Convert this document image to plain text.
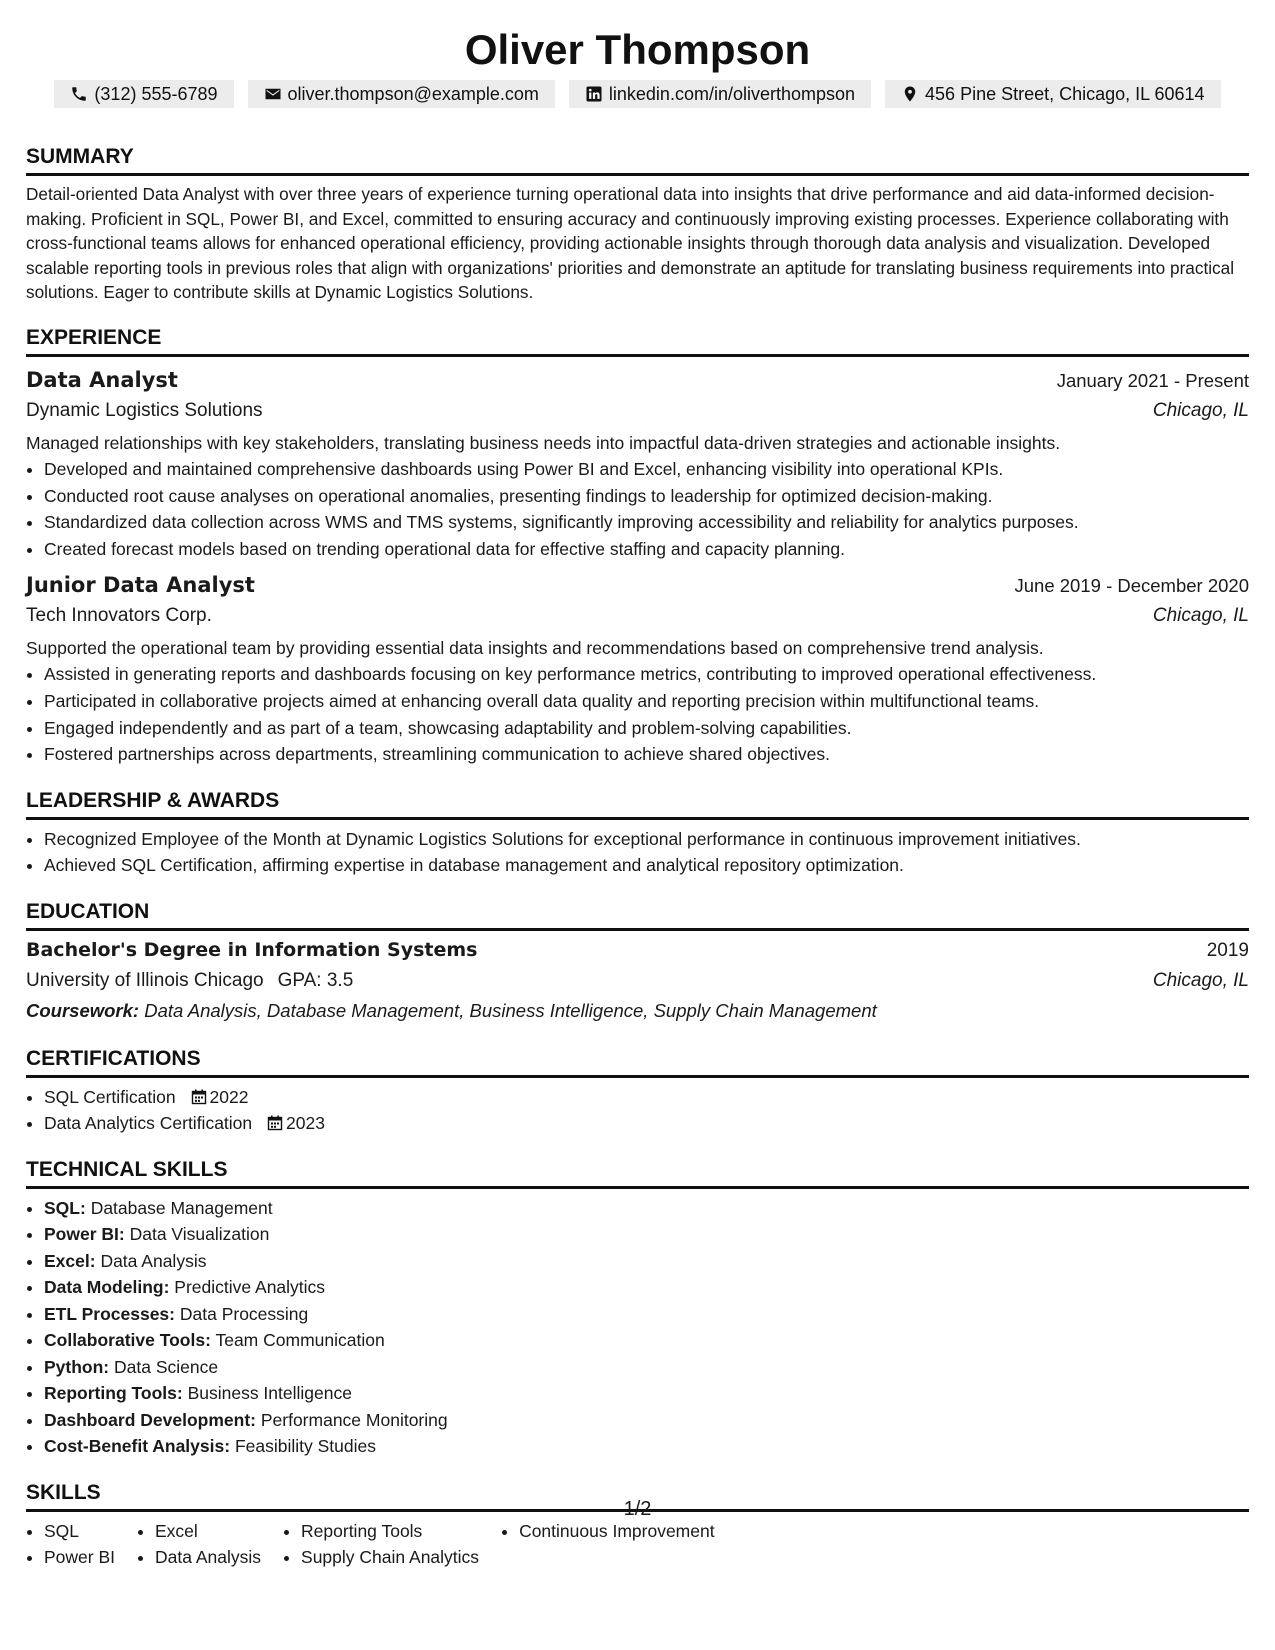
Oliver Thompson
(312) 555-6789	oliver.thompson@example.com	linkedin.com/in/oliverthompson	456 Pine Street, Chicago, IL 60614
SUMMARY
Detail-oriented Data Analyst with over three years of experience turning operational data into insights that drive performance and aid data-informed decision-making. Proficient in SQL, Power BI, and Excel, committed to ensuring accuracy and continuously improving existing processes. Experience collaborating with cross-functional teams allows for enhanced operational efficiency, providing actionable insights through thorough data analysis and visualization. Developed scalable reporting tools in previous roles that align with organizations' priorities and demonstrate an aptitude for translating business requirements into practical solutions. Eager to contribute skills at Dynamic Logistics Solutions.
EXPERIENCE
Data Analyst	January 2021 - Present
Dynamic Logistics Solutions	Chicago, IL
Managed relationships with key stakeholders, translating business needs into impactful data-driven strategies and actionable insights.
• Developed and maintained comprehensive dashboards using Power BI and Excel, enhancing visibility into operational KPIs.
• Conducted root cause analyses on operational anomalies, presenting findings to leadership for optimized decision-making.
• Standardized data collection across WMS and TMS systems, significantly improving accessibility and reliability for analytics purposes.
• Created forecast models based on trending operational data for effective staffing and capacity planning.
Junior Data Analyst	June 2019 - December 2020
Tech Innovators Corp.	Chicago, IL
Supported the operational team by providing essential data insights and recommendations based on comprehensive trend analysis.
• Assisted in generating reports and dashboards focusing on key performance metrics, contributing to improved operational effectiveness.
• Participated in collaborative projects aimed at enhancing overall data quality and reporting precision within multifunctional teams.
• Engaged independently and as part of a team, showcasing adaptability and problem-solving capabilities.
• Fostered partnerships across departments, streamlining communication to achieve shared objectives.
LEADERSHIP & AWARDS
• Recognized Employee of the Month at Dynamic Logistics Solutions for exceptional performance in continuous improvement initiatives.
• Achieved SQL Certification, affirming expertise in database management and analytical repository optimization.
EDUCATION
Bachelor's Degree in Information Systems	2019
University of Illinois Chicago GPA: 3.5	Chicago, IL
Coursework: Data Analysis, Database Management, Business Intelligence, Supply Chain Management
CERTIFICATIONS
• SQL Certification 2022
• Data Analytics Certification 2023
TECHNICAL SKILLS
• SQL: Database Management
• Power BI: Data Visualization
• Excel: Data Analysis
• Data Modeling: Predictive Analytics
• ETL Processes: Data Processing
• Collaborative Tools: Team Communication
• Python: Data Science
• Reporting Tools: Business Intelligence
• Dashboard Development: Performance Monitoring
• Cost-Benefit Analysis: Feasibility Studies
SKILLS
• SQL
• Power BI
• Excel
• Data Analysis
• Reporting Tools
• Supply Chain Analytics
• Continuous Improvement
1/2
